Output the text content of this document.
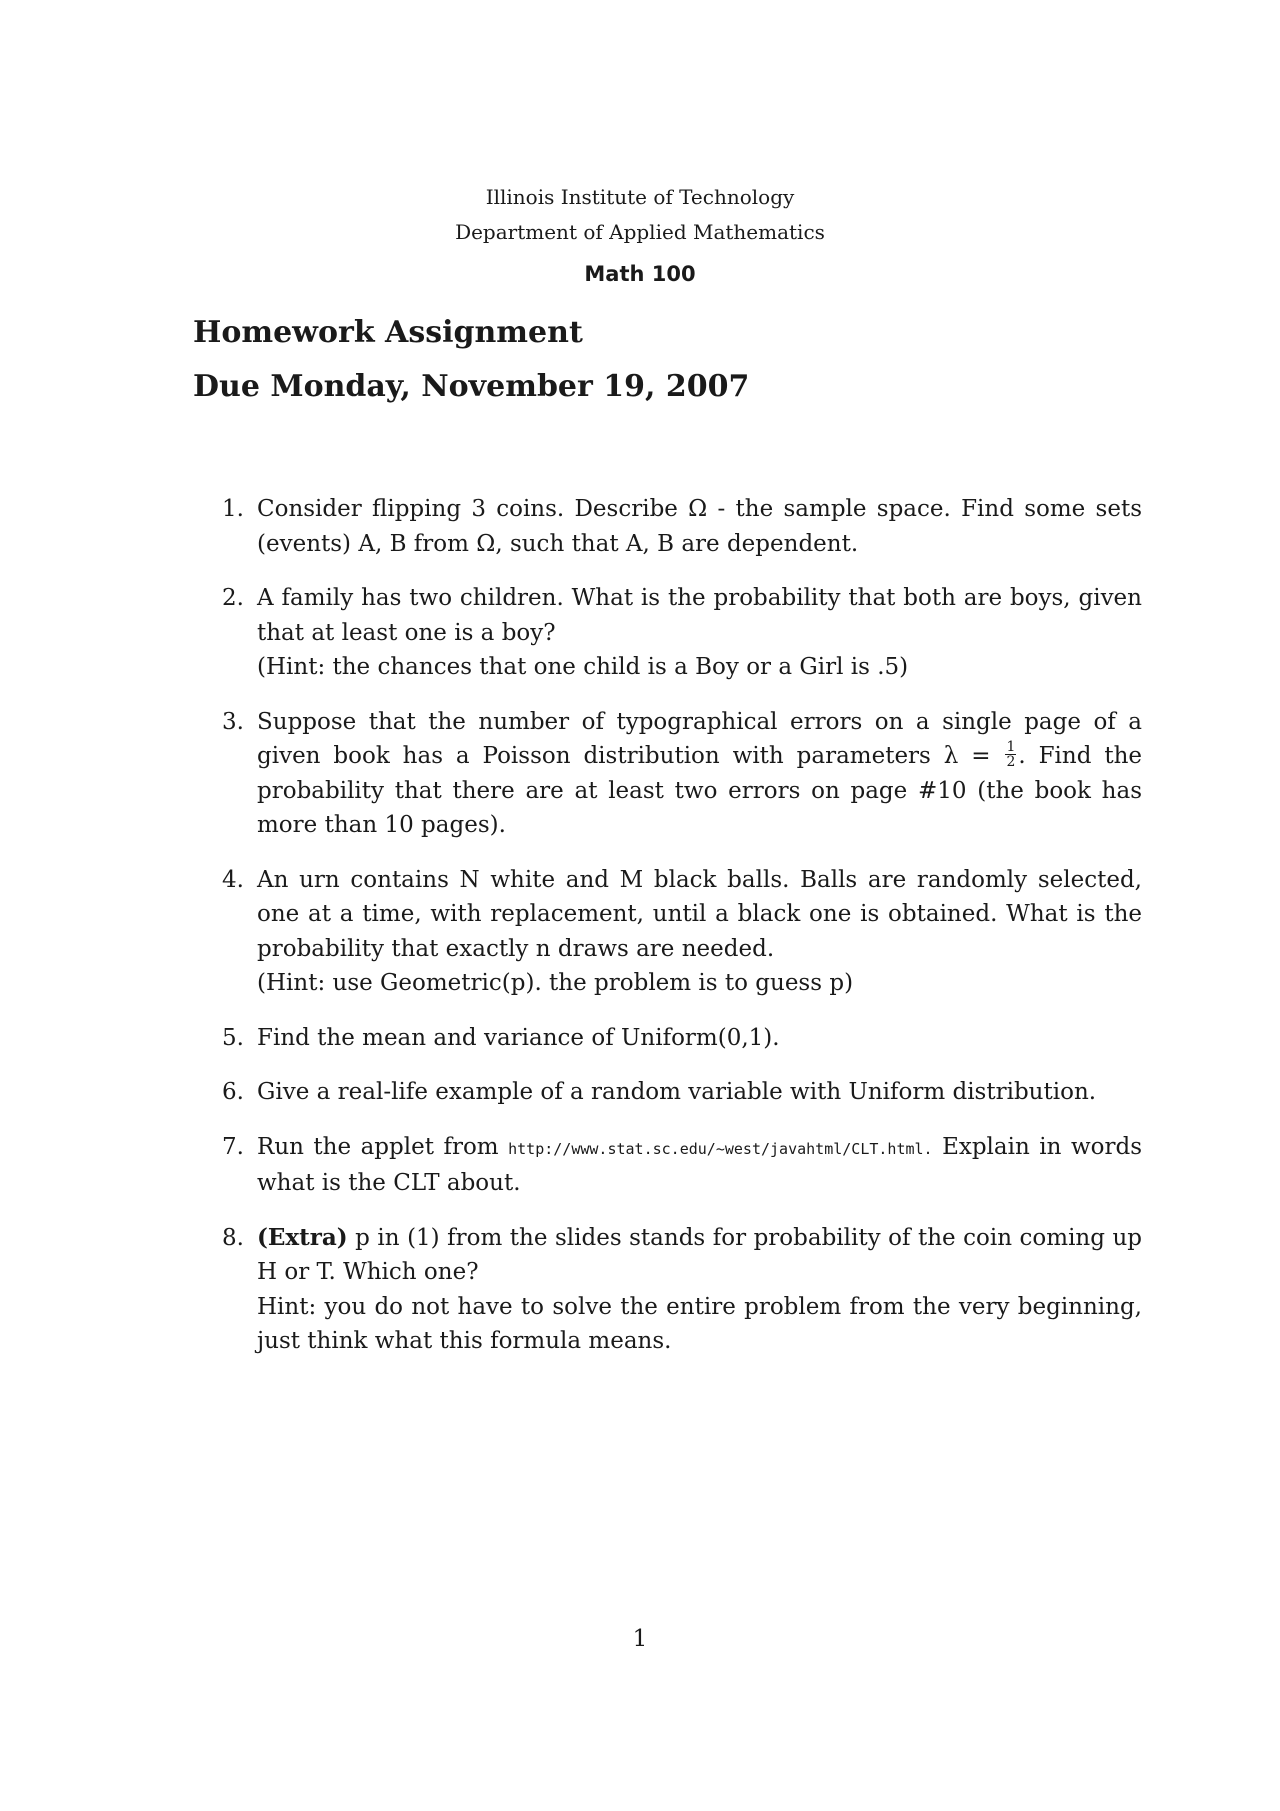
Illinois Institute of Technology
Department of Applied Mathematics
Math 100
Homework Assignment
Due Monday, November 19, 2007
1. Consider flipping 3 coins. Describe Ω - the sample space. Find some sets (events) A, B from Ω, such that A, B are dependent.
2. A family has two children. What is the probability that both are boys, given that at least one is a boy?
(Hint: the chances that one child is a Boy or a Girl is .5)
3. Suppose that the number of typographical errors on a single page of a given book has a Poisson distribution with parameters $\lambda = \frac{1}{2}$ . Find the probability that there are at least two errors on page #10 (the book has more than 10 pages).
4. An urn contains N white and M black balls. Balls are randomly selected, one at a time, with replacement, until a black one is obtained. What is the probability that exactly n draws are needed.
(Hint: use Geometric(p). the problem is to guess p)
5. Find the mean and variance of Uniform(0,1).
6. Give a real-life example of a random variable with Uniform distribution.
7. Run the applet from http://www.stat.sc.edu/~west/javahtml/CLT.html. Explain in words what is the CLT about.
8. (Extra) p in (1) from the slides stands for probability of the coin coming up H or T. Which one?
Hint: you do not have to solve the entire problem from the very beginning, just think what this formula means.
1
